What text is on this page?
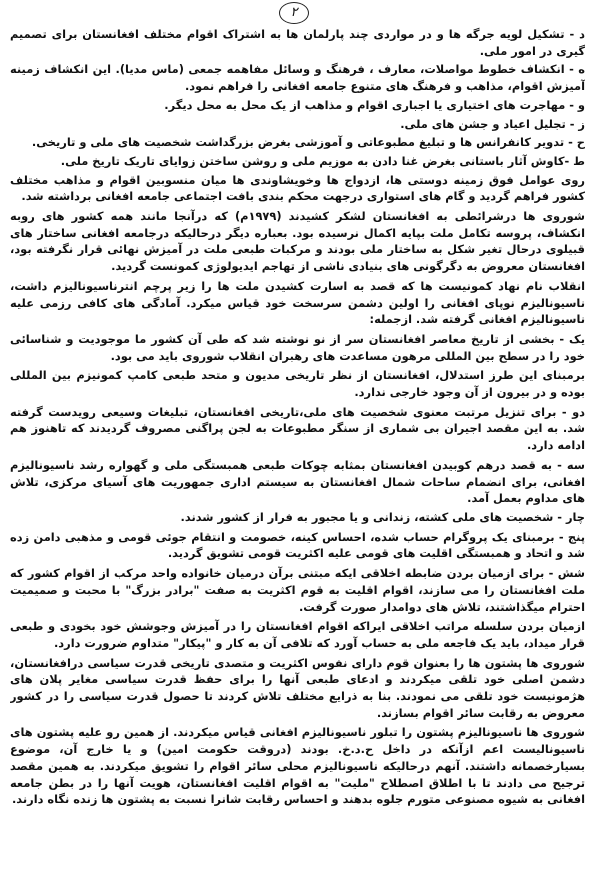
۲

د - تشکیل لویه جرگه ها و در مواردی چند پارلمان ها به اشتراک اقوام مختلف افغانستان برای تصمیم گیری در امور ملی.

ه - انکشاف خطوط مواصلات، معارف ، فرهنگ و وسائل مفاهمه جمعی (ماس مدیا). این انکشاف زمینه آمیزش اقوام، مذاهب و فرهنگ های متنوع جامعه افغانی را فراهم نمود.

و - مهاجرت های اختیاری یا اجباری اقوام و مذاهب از یک محل به محل دیگر.

ز - تجلیل اعیاد و جشن های ملی.

ح - تدویر کانفرانس ها و تبلیغ مطبوعاتی و آموزشی بغرض بزرگداشت شخصیت های ملی و تاریخی.

ط -کاوش آثار باستانی بغرض غنا دادن به موزیم ملی و روشن ساختن زوایای تاریک تاریخ ملی.

روی عوامل فوق زمینه دوستی ها، ازدواج ها وخویشاوندی ها میان منسوبین اقوام و مذاهب مختلف کشور فراهم گردید و گام های استواری درجهت محکم بندی بافت اجتماعی جامعه افغانی برداشته شد.

شوروی ها درشرائطی به افغانستان لشکر کشیدند (۱۹۷۹م) که درآنجا مانند همه کشور های روبه انکشاف، پروسه تکامل ملت بپایه اکمال نرسیده بود. بعباره دیگر درحالیکه درجامعه افغانی ساختار های قبیلوی درحال تغیر شکل به ساختار ملی بودند و مرکبات طبعی ملت در آمیزش نهائی قرار نگرفته بود، افغانستان معروض به دگرگونی های بنیادی ناشی از تهاجم ایدیولوژی کمونست گردید.

انقلاب نام نهاد کمونیست ها که قصد به اسارت کشیدن ملت ها را زیر پرچم انترناسیونالیزم داشت، ناسیونالیزم نوپای افغانی را اولین دشمن سرسخت خود قیاس میکرد. آمادگی های کافی رزمی علیه ناسیونالیزم افغانی گرفته شد. ازجمله:

یک - بخشی از تاریخ معاصر افغانستان سر از نو نوشته شد که طی آن کشور ما موجودیت و شناسائی خود را در سطح بین المللی مرهون مساعدت های رهبران انقلاب شوروی باید می بود.

برمبنای این طرز استدلال، افغانستان از نظر تاریخی مدیون و متحد طبعی کامپ کمونیزم بین المللی بوده و در بیرون از آن وجود خارجی ندارد.

دو - برای تنزیل مرتبت معنوی شخصیت های ملی،تاریخی افغانستان، تبلیغات وسیعی رویدست گرفته شد. به این مقصد اجیران بی شماری از سنگر مطبوعات به لجن پراگنی مصروف گردیدند که تاهنوز هم ادامه دارد.

سه - به قصد درهم کوبیدن افغانستان بمثابه چوکات طبعی همبستگی ملی و گهواره رشد ناسیونالیزم افغانی، برای انضمام ساحات شمال افغانستان به سیستم اداری جمهوریت های آسیای مرکزی، تلاش های مداوم بعمل آمد.

چار - شخصیت های ملی کشته، زندانی و یا مجبور به فرار از کشور شدند.

پنج - برمبنای یک پروگرام حساب شده، احساس کینه، خصومت و انتقام جوئی قومی و مذهبی دامن زده شد و اتحاد و همبستگی اقلیت های قومی علیه اکثریت قومی تشویق گردید.

شش - برای ازمیان بردن ضابطه اخلاقی ایکه مبتنی برآن درمیان خانواده واحد مرکب از اقوام کشور که ملت افغانستان را می سازند، اقوام اقلیت به قوم اکثریت به صفت "برادر بزرگ" با محبت و صمیمیت احترام میگذاشتند، تلاش های دوامدار صورت گرفت.

ازمیان بردن سلسله مراتب اخلاقی ایراکه اقوام افغانستان را در آمیزش وجوشش خود بخودی و طبعی قرار میداد، باید یک فاجعه ملی به حساب آورد که تلافی آن به کار و "پیکار" متداوم ضرورت دارد.

شوروی ها پشتون ها را بعنوان قوم دارای نفوس اکثریت و متصدی تاریخی قدرت سیاسی درافغانستان، دشمن اصلی خود تلقی میکردند و ادعای طبعی آنها را برای حفظ قدرت سیاسی مغایر پلان های هژمونیست خود تلقی می نمودند. بنا به ذرایع مختلف تلاش کردند تا حصول قدرت سیاسی را در کشور معروض به رقابت سائر اقوام بسازند.

شوروی ها ناسیونالیزم پشتون را تبلور ناسیونالیزم افغانی قیاس میکردند. از همین رو علیه پشتون های ناسیونالیست اعم ازآنکه در داخل ح.د.خ. بودند (دروقت حکومت امین) و یا خارج آن، موضوع بسیارخصمانه داشتند. آنهم درحالیکه ناسیونالیزم محلی سائر اقوام را تشویق میکردند. به همین مقصد ترجیح می دادند تا با اطلاق اصطلاح "ملیت" به اقوام اقلیت افغانستان، هویت آنها را در بطن جامعه افغانی به شیوه مصنوعی متورم جلوه بدهند و احساس رقابت شانرا نسبت به پشتون ها زنده نگاه دارند.
